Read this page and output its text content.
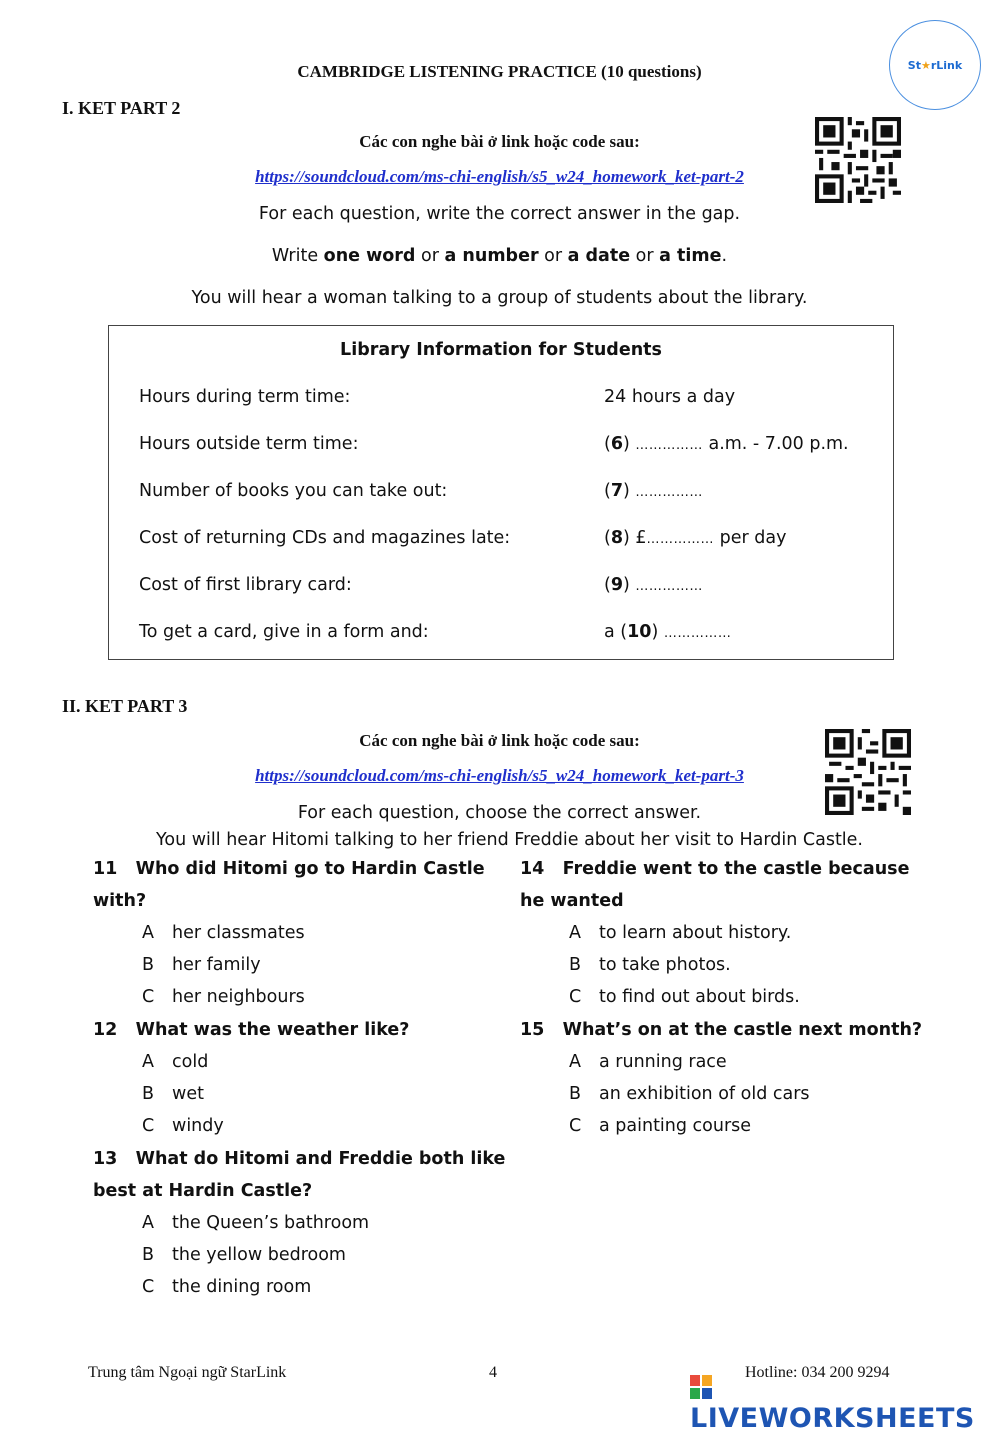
St ★ rLink
CAMBRIDGE LISTENING PRACTICE (10 questions)
I. KET PART 2
Các con nghe bài ở link hoặc code sau:
https://soundcloud.com/ms-chi-english/s5_w24_homework_ket-part-2
For each question, write the correct answer in the gap.
Write one word or a number or a date or a time.
You will hear a woman talking to a group of students about the library.
Library Information for Students
Hours during term time:	24 hours a day
Hours outside term time:	(6) …………… a.m. - 7.00 p.m.
Number of books you can take out:	(7) ……………
Cost of returning CDs and magazines late:	(8) £…………… per day
Cost of first library card:	(9) ……………
To get a card, give in a form and:	a (10) ……………
II. KET PART 3
Các con nghe bài ở link hoặc code sau:
https://soundcloud.com/ms-chi-english/s5_w24_homework_ket-part-3
For each question, choose the correct answer.
You will hear Hitomi talking to her friend Freddie about her visit to Hardin Castle.
11 Who did Hitomi go to Hardin Castle
with?
A her classmates
B her family
C her neighbours
12 What was the weather like?
A cold
B wet
C windy
13 What do Hitomi and Freddie both like
best at Hardin Castle?
A the Queen’s bathroom
B the yellow bedroom
C the dining room
14 Freddie went to the castle because
he wanted
A to learn about history.
B to take photos.
C to find out about birds.
15 What’s on at the castle next month?
A a running race
B an exhibition of old cars
C a painting course
Trung tâm Ngoại ngữ StarLink	4	Hotline: 034 200 9294
LIVEWORKSHEETS
